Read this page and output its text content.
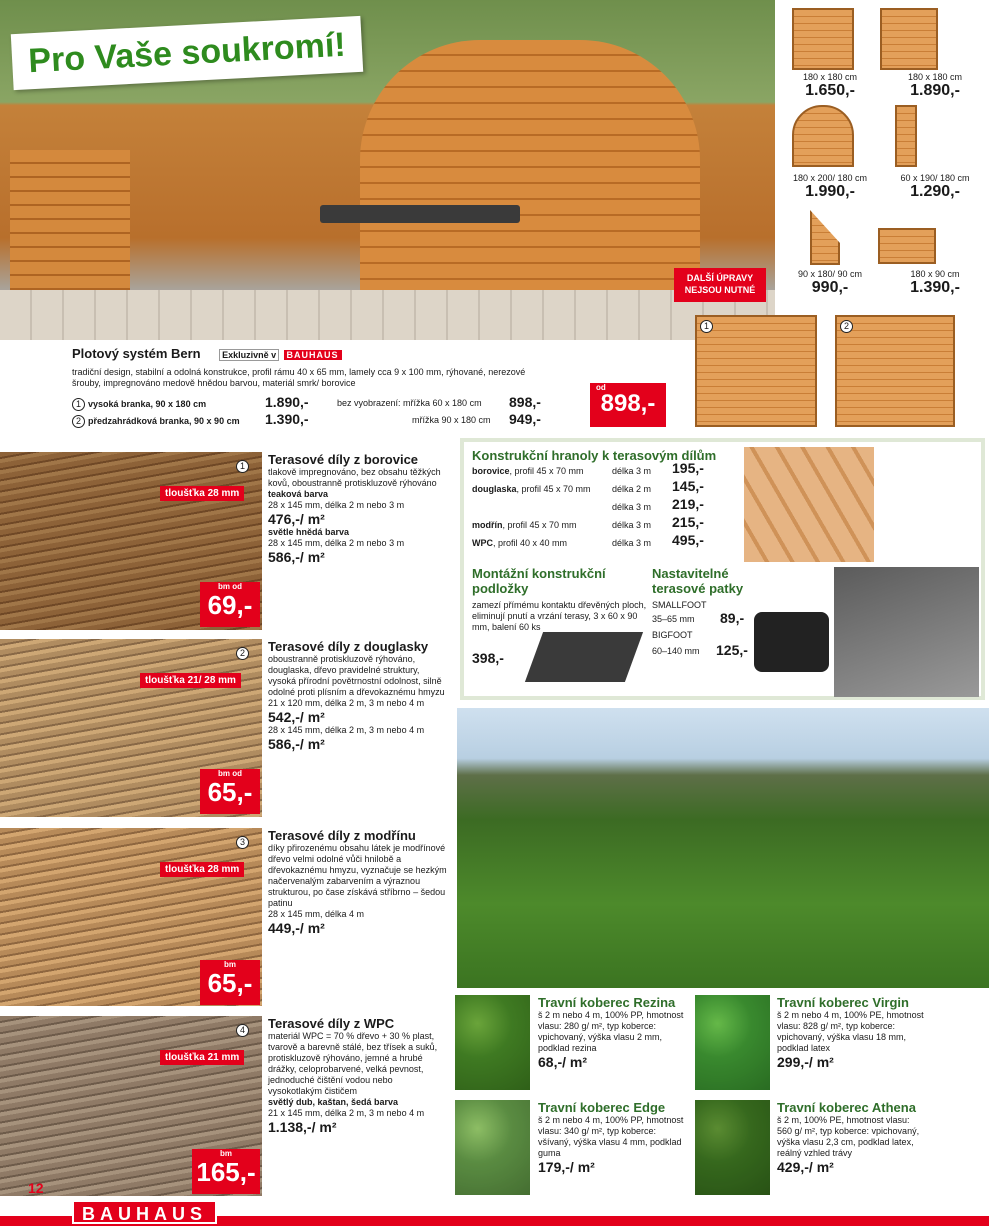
Pro Vaše soukromí!	180 x 180 cm
1.650,-
180 x 180 cm
1.890,-
180 x 200/ 180 cm
1.990,-
60 x 190/ 180 cm
1.290,-
90 x 180/ 90 cm
990,-
180 x 90 cm
1.390,-
DALŠÍ ÚPRAVY NEJSOU NUTNÉ
1	2
Plotový systém Bern Exkluzivně v BAUHAUS
tradiční design, stabilní a odolná konstrukce, profil rámu 40 x 65 mm, lamely cca 9 x 100 mm, rýhované, nerezové šrouby, impregnováno medově hnědou barvou, materiál smrk/ borovice
1 vysoká branka, 90 x 180 cm	1.890,-
2 předzahrádková branka, 90 x 90 cm 1.390,-
bez vyobrazení: mřížka 60 x 180 cm 898,-
mřížka 90 x 180 cm 949,-
od
898,-
1
tloušťka 28 mm
bm od
69,-
Terasové díly z borovice
tlakově impregnováno, bez obsahu těžkých kovů, oboustranně protiskluzově rýhováno
teaková barva
28 x 145 mm, délka 2 m nebo 3 m
476,-/ m²
světle hnědá barva
28 x 145 mm, délka 2 m nebo 3 m
586,-/ m²
2
tloušťka 21/ 28 mm
bm od
65,-
Terasové díly z douglasky
oboustranně protiskluzově rýhováno, douglaska, dřevo pravidelné struktury, vysoká přírodní povětrnostní odolnost, silně odolné proti plísním a dřevokaznému hmyzu
21 x 120 mm, délka 2 m, 3 m nebo 4 m
542,-/ m²
28 x 145 mm, délka 2 m, 3 m nebo 4 m
586,-/ m²
3
tloušťka 28 mm
bm
65,-
Terasové díly z modřínu
díky přirozenému obsahu látek je modřínové dřevo velmi odolné vůči hnilobě a dřevokaznému hmyzu, vyznačuje se hezkým načervenalým zabarvením a výraznou strukturou, po čase získává stříbrno – šedou patinu
28 x 145 mm, délka 4 m
449,-/ m²
4
tloušťka 21 mm
bm
165,-
Terasové díly z WPC
materiál WPC = 70 % dřevo + 30 % plast, tvarově a barevně stálé, bez třísek a suků, protiskluzově rýhováno, jemné a hrubé drážky, celoprobarvené, velká pevnost, jednoduché čištění vodou nebo vysokotlakým čističem
světlý dub, kaštan, šedá barva
21 x 145 mm, délka 2 m, 3 m nebo 4 m
1.138,-/ m²
Konstrukční hranoly k terasovým dílům
borovice, profil 45 x 70 mm	délka 3 m 195,-
douglaska, profil 45 x 70 mm délka 2 m 145,-
délka 3 m 219,-
modřín, profil 45 x 70 mm	délka 3 m 215,-
WPC, profil 40 x 40 mm	délka 3 m 495,-
Montážní konstrukční podložky
zamezí přímému kontaktu dřevěných ploch, eliminují pnutí a vrzání terasy, 3 x 60 x 90 mm, balení 60 ks
398,-
Nastavitelné terasové patky
SMALLFOOT
35–65 mm 89,-
BIGFOOT
60–140 mm 125,-
Travní koberec Rezina
š 2 m nebo 4 m, 100% PP, hmotnost vlasu: 280 g/ m², typ koberce: vpichovaný, výška vlasu 2 mm, podklad rezina
68,-/ m²
Travní koberec Virgin
š 2 m nebo 4 m, 100% PE, hmotnost vlasu: 828 g/ m², typ koberce: vpichovaný, výška vlasu 18 mm, podklad latex
299,-/ m²
Travní koberec Edge
š 2 m nebo 4 m, 100% PP, hmotnost vlasu: 340 g/ m², typ koberce: všívaný, výška vlasu 4 mm, podklad guma
179,-/ m²
Travní koberec Athena
š 2 m, 100% PE, hmotnost vlasu: 560 g/ m², typ koberce: vpichovaný, výška vlasu 2,3 cm, podklad latex, reálný vzhled trávy
429,-/ m²
12
BAUHAUS
